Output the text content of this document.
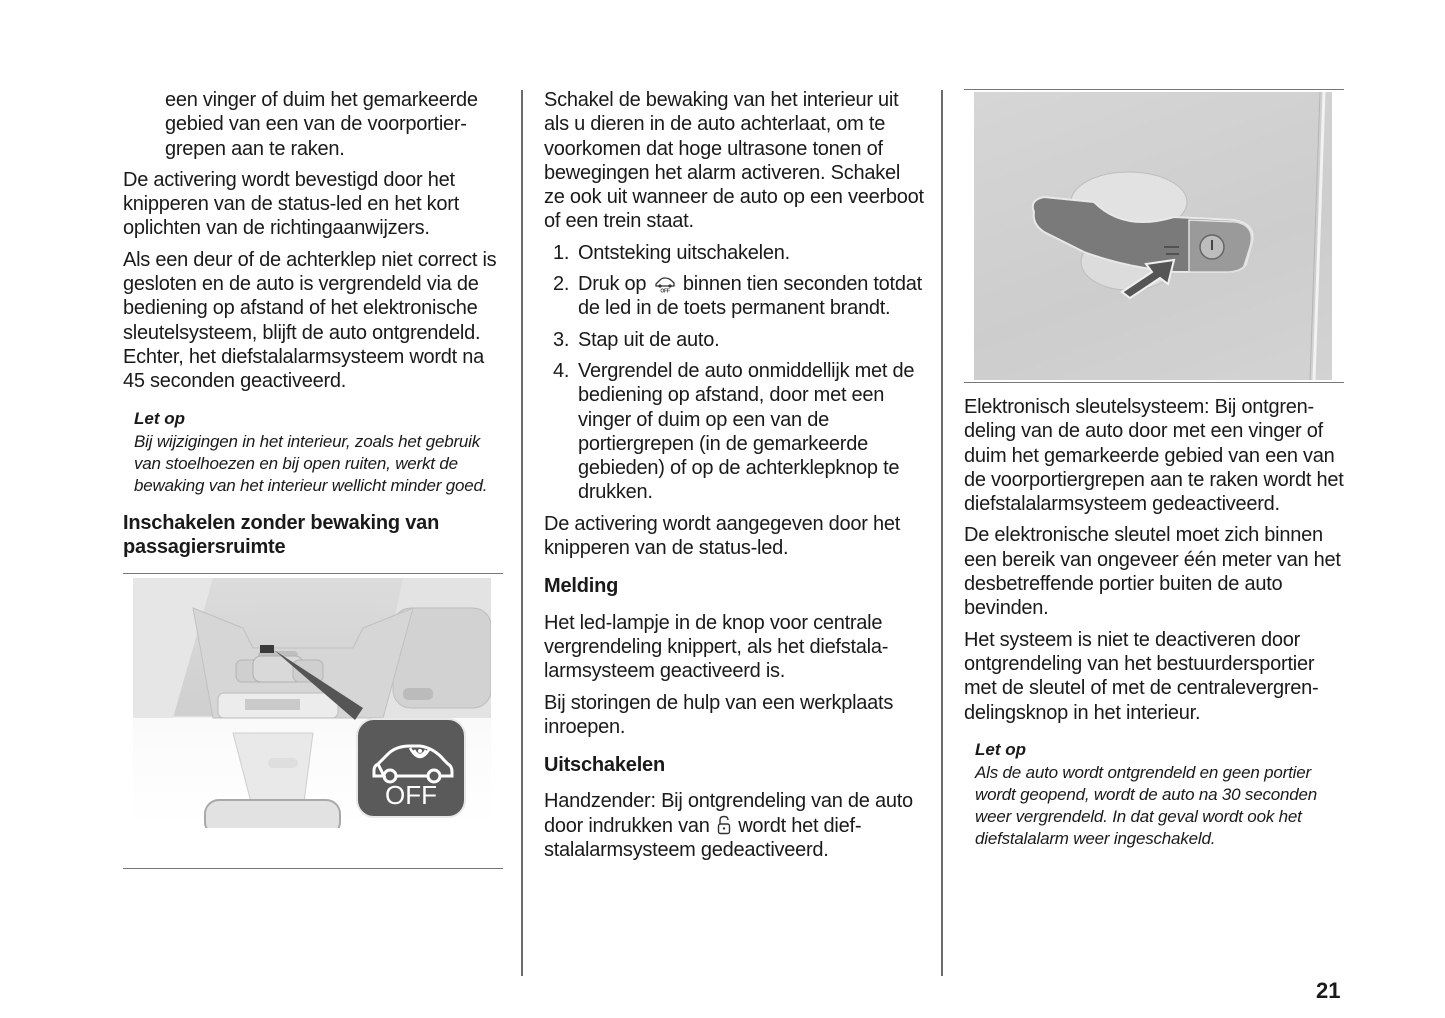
een vinger of duim het gemarkeerde gebied van een van de voorportiergrepen aan te raken.

De activering wordt bevestigd door het knipperen van de status-led en het kort oplichten van de richtingaanwijzers.

Als een deur of de achterklep niet correct is gesloten en de auto is vergrendeld via de bediening op afstand of het elektronische sleutelsysteem, blijft de auto ontgrendeld. Echter, het diefstalalarmsysteem wordt na 45 seconden geactiveerd.

Let op
Bij wijzigingen in het interieur, zoals het gebruik van stoelhoezen en bij open ruiten, werkt de bewaking van het interieur wellicht minder goed.
Inschakelen zonder bewaking van passagiersruimte
OFF

Schakel de bewaking van het interieur uit als u dieren in de auto achterlaat, om te voorkomen dat hoge ultrasone tonen of bewegingen het alarm activeren. Schakel ze ook uit wanneer de auto op een veerboot of een trein staat.

1. Ontsteking uitschakelen.
2. Druk op	OFF binnen tien seconden totdat de led in de toets permanent brandt.
3. Stap uit de auto.
4. Vergrendel de auto onmiddellijk met de bediening op afstand, door met een vinger of duim op een van de portiergrepen (in de gemarkeerde gebieden) of op de achterklepknop te drukken.

De activering wordt aangegeven door het knipperen van de status-led.

Melding

Het led-lampje in de knop voor centrale vergrendeling knippert, als het diefstalalarmsysteem geactiveerd is.

Bij storingen de hulp van een werkplaats inroepen.

Uitschakelen

Handzender: Bij ontgrendeling van de auto door indrukken van wordt het diefstalalarmsysteem gedeactiveerd.

Elektronisch sleutelsysteem: Bij ontgrendeling van de auto door met een vinger of duim het gemarkeerde gebied van een van de voorportiergrepen aan te raken wordt het diefstalalarmsysteem gedeactiveerd.

De elektronische sleutel moet zich binnen een bereik van ongeveer één meter van het desbetreffende portier buiten de auto bevinden.

Het systeem is niet te deactiveren door ontgrendeling van het bestuurdersportier met de sleutel of met de centralevergrendelingsknop in het interieur.

Let op
Als de auto wordt ontgrendeld en geen portier wordt geopend, wordt de auto na 30 seconden weer vergrendeld. In dat geval wordt ook het diefstalalarm weer ingeschakeld.
21
